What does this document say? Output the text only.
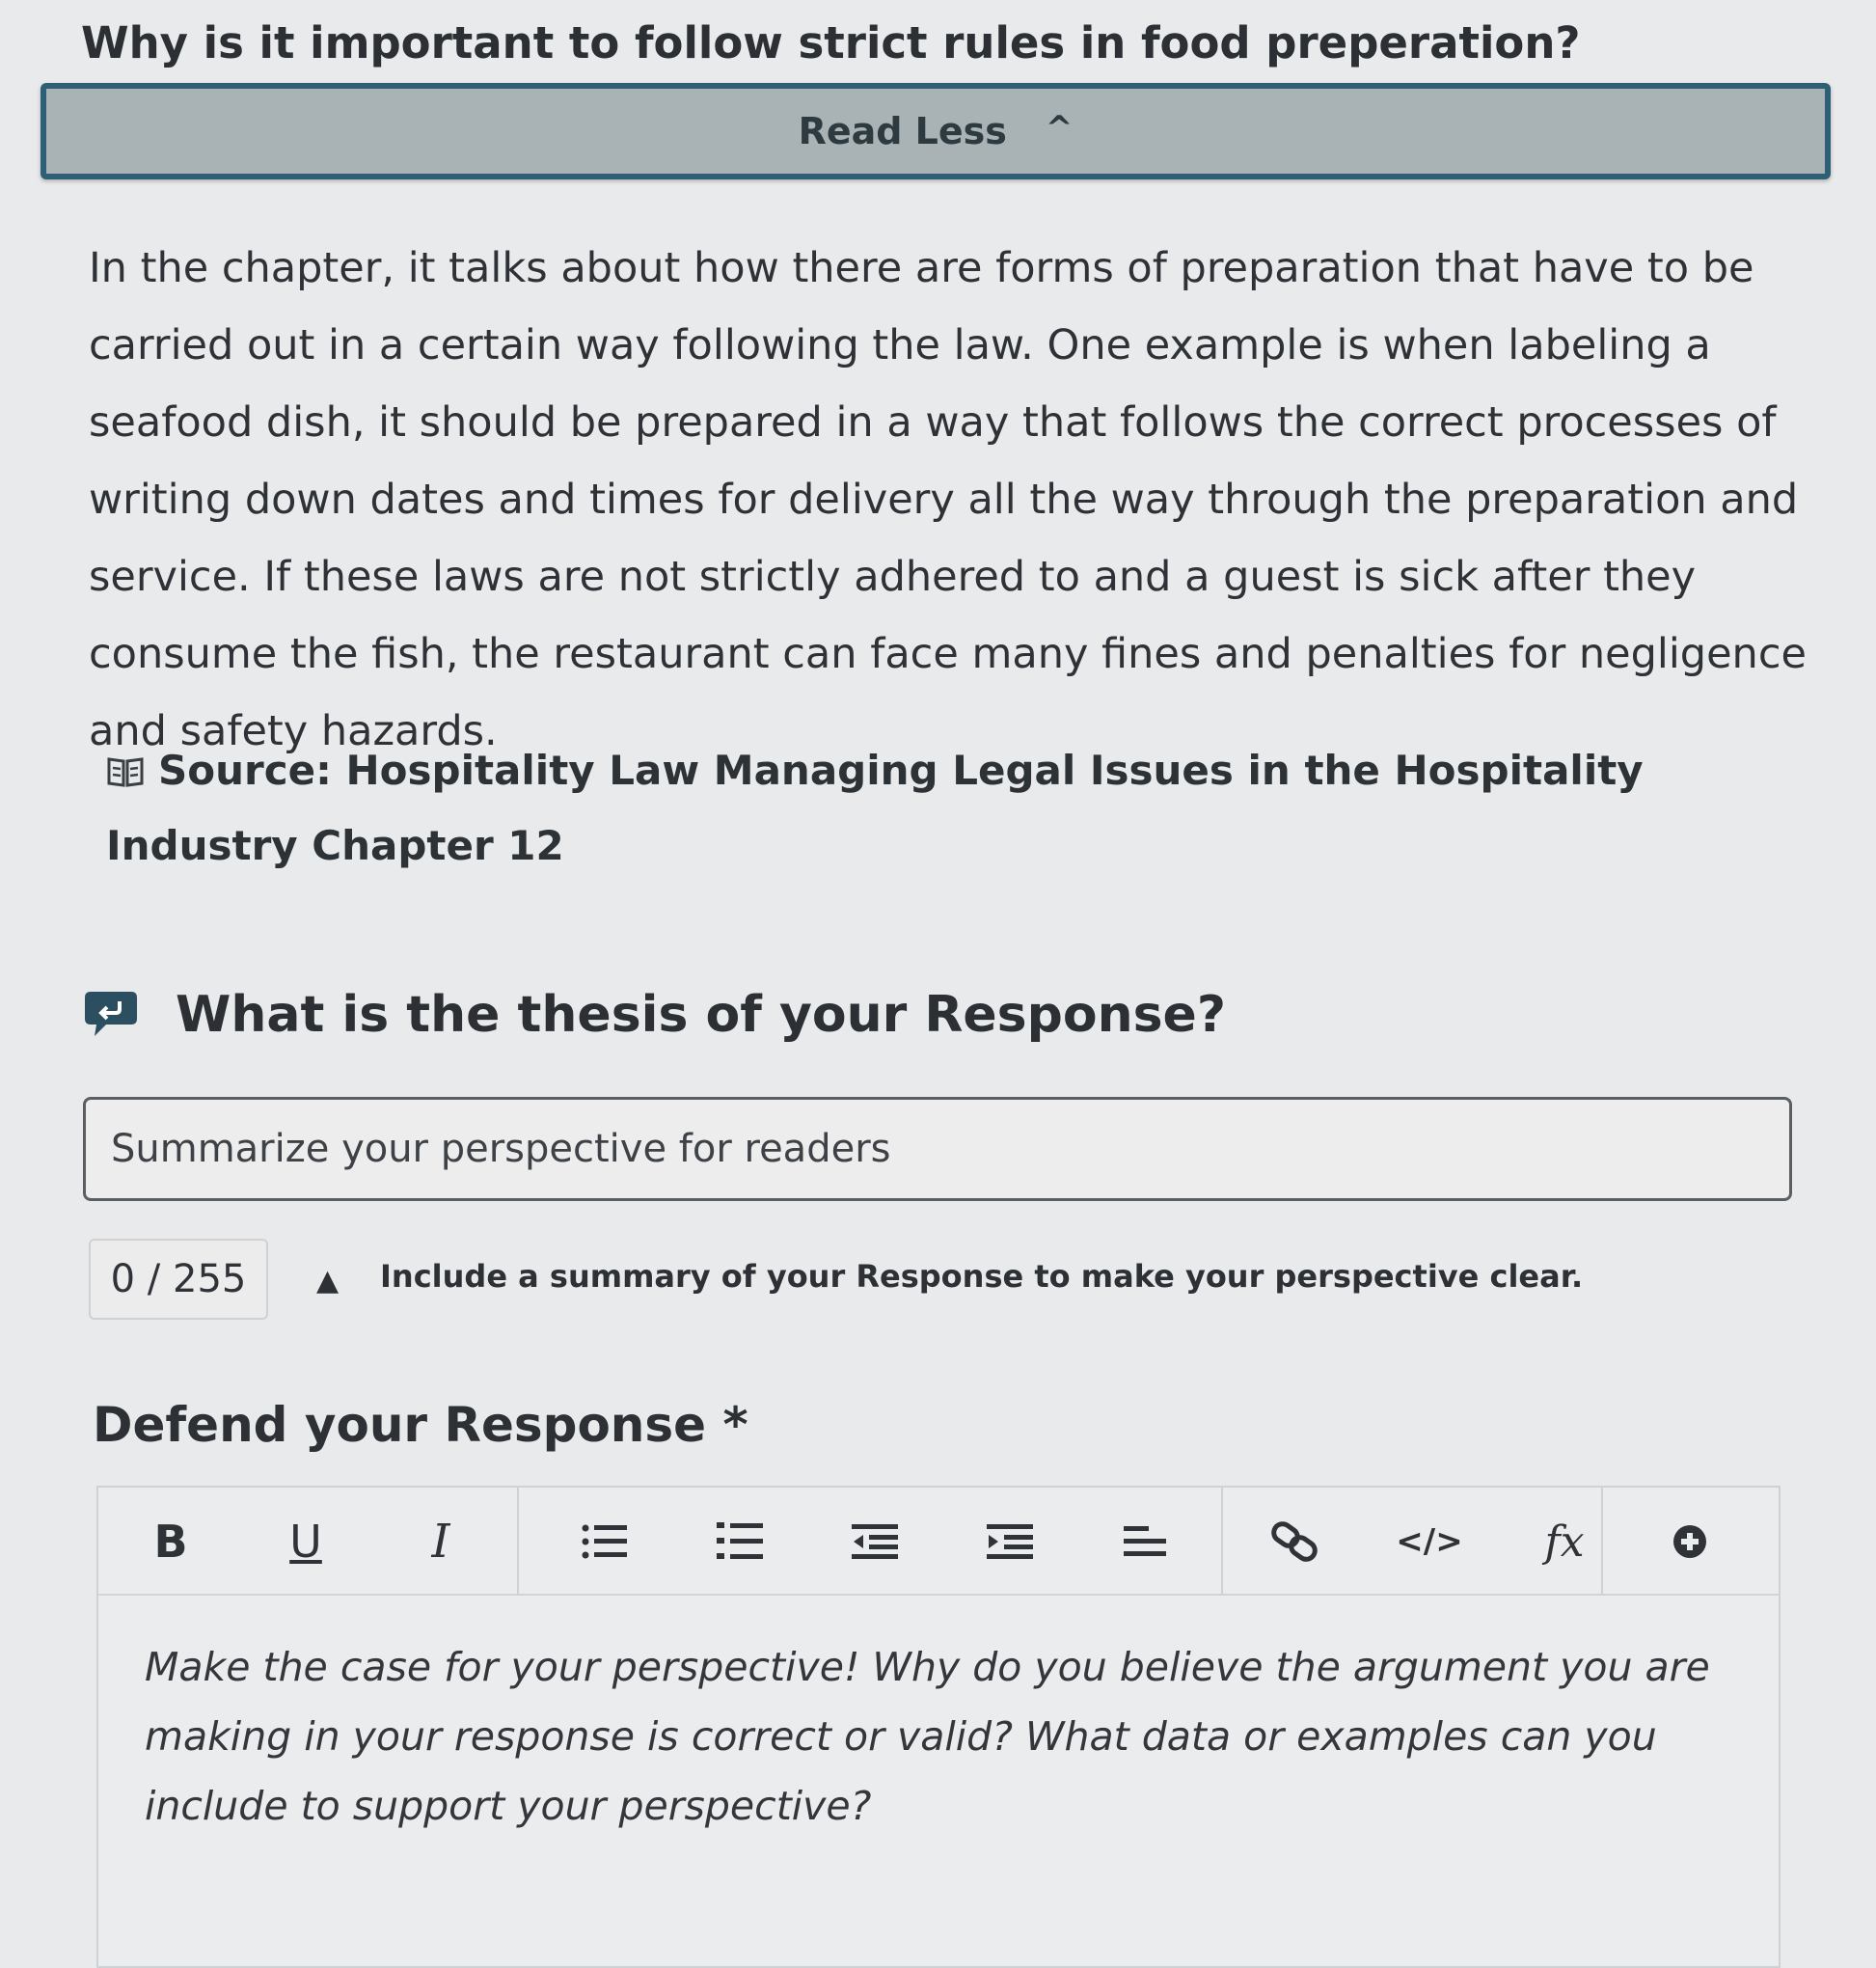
Why is it important to follow strict rules in food preperation?
Read Less ^
In the chapter, it talks about how there are forms of preparation that have to be carried out in a certain way following the law. One example is when labeling a seafood dish, it should be prepared in a way that follows the correct processes of writing down dates and times for delivery all the way through the preparation and service. If these laws are not strictly adhered to and a guest is sick after they consume the fish, the restaurant can face many fines and penalties for negligence and safety hazards.
Source: Hospitality Law Managing Legal Issues in the Hospitality Industry Chapter 12
What is the thesis of your Response?
Summarize your perspective for readers
0 / 255	▲ Include a summary of your Response to make your perspective clear.
Defend your Response *
B	U	I	</>	fx
Make the case for your perspective! Why do you believe the argument you are making in your response is correct or valid? What data or examples can you include to support your perspective?
